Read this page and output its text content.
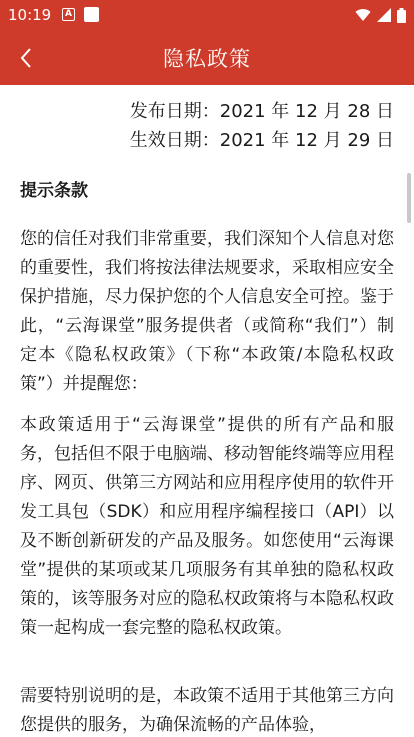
10:19	A
隐私政策
发布日期：2021 年 12 月 28 日
生效日期：2021 年 12 月 29 日
提示条款

您的信任对我们非常重要，我们深知个人信息对您的重要性，我们将按法律法规要求，采取相应安全保护措施，尽力保护您的个人信息安全可控。鉴于此，“云海课堂”服务提供者（或简称“我们”）制定本《隐私权政策》（下称“本政策/本隐私权政策”）并提醒您：

本政策适用于“云海课堂”提供的所有产品和服务，包括但不限于电脑端、移动智能终端等应用程序、网页、供第三方网站和应用程序使用的软件开发工具包（SDK）和应用程序编程接口（API）以及不断创新研发的产品及服务。如您使用“云海课堂”提供的某项或某几项服务有其单独的隐私权政策的，该等服务对应的隐私权政策将与本隐私权政策一起构成一套完整的隐私权政策。

需要特别说明的是，本政策不适用于其他第三方向您提供的服务，为确保流畅的产品体验，
